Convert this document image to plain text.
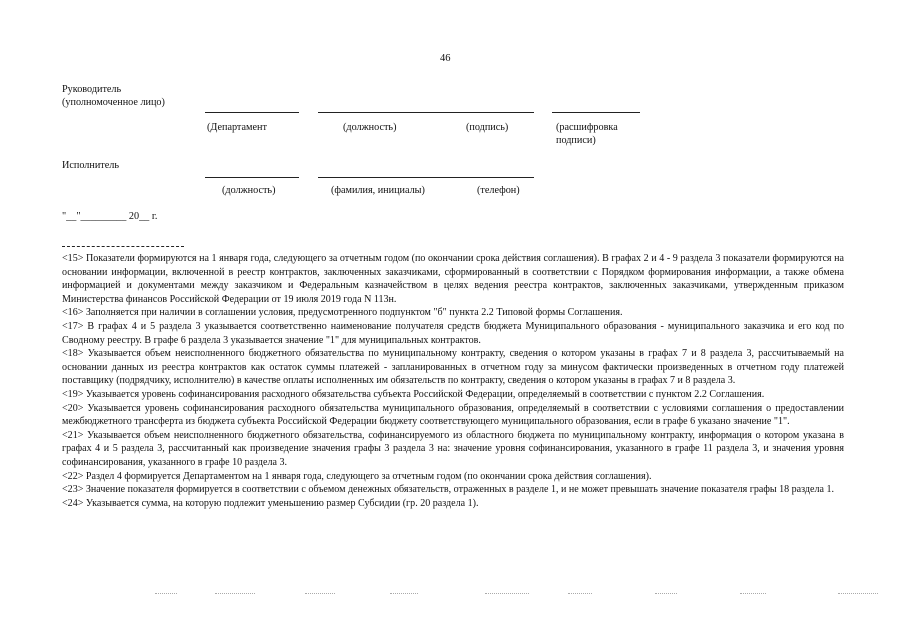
46
Руководитель
(уполномоченное лицо)
(Департамент	(должность)	(подпись)	(расшифровка
подписи)
Исполнитель
(должность)	(фамилия, инициалы)	(телефон)
"__"_________ 20__ г.

<15> Показатели формируются на 1 января года, следующего за отчетным годом (по окончании срока действия соглашения). В графах 2 и 4 - 9 раздела 3 показатели формируются на основании информации, включенной в реестр контрактов, заключенных заказчиками, сформированный в соответствии с Порядком формирования информации, а также обмена информацией и документами между заказчиком и Федеральным казначейством в целях ведения реестра контрактов, заключенных заказчиками, утвержденным приказом Министерства финансов Российской Федерации от 19 июля 2019 года N 113н.

<16> Заполняется при наличии в соглашении условия, предусмотренного подпунктом "б" пункта 2.2 Типовой формы Соглашения.

<17> В графах 4 и 5 раздела 3 указывается соответственно наименование получателя средств бюджета Муниципального образования - муниципального заказчика и его код по Сводному реестру. В графе 6 раздела 3 указывается значение "1" для муниципальных контрактов.

<18> Указывается объем неисполненного бюджетного обязательства по муниципальному контракту, сведения о котором указаны в графах 7 и 8 раздела 3, рассчитываемый на основании данных из реестра контрактов как остаток суммы платежей - запланированных в отчетном году за минусом фактически произведенных в отчетном году платежей поставщику (подрядчику, исполнителю) в качестве оплаты исполненных им обязательств по контракту, сведения о котором указаны в графах 7 и 8 раздела 3.

<19> Указывается уровень софинансирования расходного обязательства субъекта Российской Федерации, определяемый в соответствии с пунктом 2.2 Соглашения.

<20> Указывается уровень софинансирования расходного обязательства муниципального образования, определяемый в соответствии с условиями соглашения о предоставлении межбюджетного трансферта из бюджета субъекта Российской Федерации бюджету соответствующего муниципального образования, если в графе 6 указано значение "1".

<21> Указывается объем неисполненного бюджетного обязательства, софинансируемого из областного бюджета по муниципальному контракту, информация о котором указана в графах 4 и 5 раздела 3, рассчитанный как произведение значения графы 3 раздела 3 на: значение уровня софинансирования, указанного в графе 11 раздела 3, и значения уровня софинансирования, указанного в графе 10 раздела 3.

<22> Раздел 4 формируется Департаментом на 1 января года, следующего за отчетным годом (по окончании срока действия соглашения).

<23> Значение показателя формируется в соответствии с объемом денежных обязательств, отраженных в разделе 1, и не может превышать значение показателя графы 18 раздела 1.

<24> Указывается сумма, на которую подлежит уменьшению размер Субсидии (гр. 20 раздела 1).
